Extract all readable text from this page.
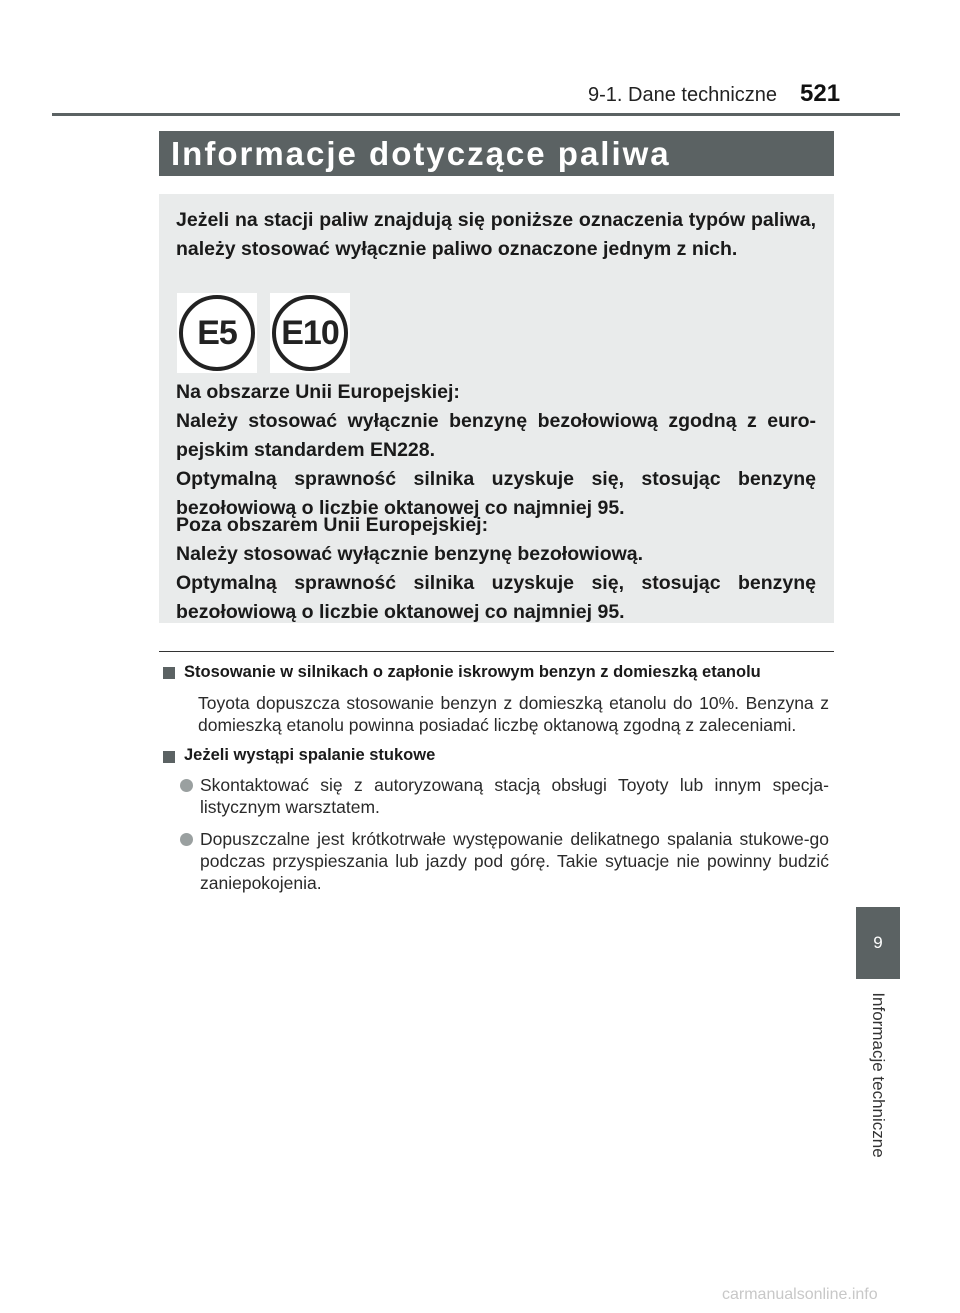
9-1. Dane techniczne 521
Informacje dotyczące paliwa

Jeżeli na stacji paliw znajdują się poniższe oznaczenia typów paliwa, należy stosować wyłącznie paliwo oznaczone jednym z nich.

E5	E10

Na obszarze Unii Europejskiej:

Należy stosować wyłącznie benzynę bezołowiową zgodną z euro-pejskim standardem EN228.

Optymalną sprawność silnika uzyskuje się, stosując benzynę bezołowiową o liczbie oktanowej co najmniej 95.

Poza obszarem Unii Europejskiej:

Należy stosować wyłącznie benzynę bezołowiową.

Optymalną sprawność silnika uzyskuje się, stosując benzynę bezołowiową o liczbie oktanowej co najmniej 95.

Stosowanie w silnikach o zapłonie iskrowym benzyn z domieszką etanolu

Toyota dopuszcza stosowanie benzyn z domieszką etanolu do 10%. Benzyna z domieszką etanolu powinna posiadać liczbę oktanową zgodną z zaleceniami.

Jeżeli wystąpi spalanie stukowe

Skontaktować się z autoryzowaną stacją obsługi Toyoty lub innym specja-listycznym warsztatem.

Dopuszczalne jest krótkotrwałe występowanie delikatnego spalania stukowe-go podczas przyspieszania lub jazdy pod górę. Takie sytuacje nie powinny budzić zaniepokojenia.

9
Informacje techniczne
carmanualsonline.info
